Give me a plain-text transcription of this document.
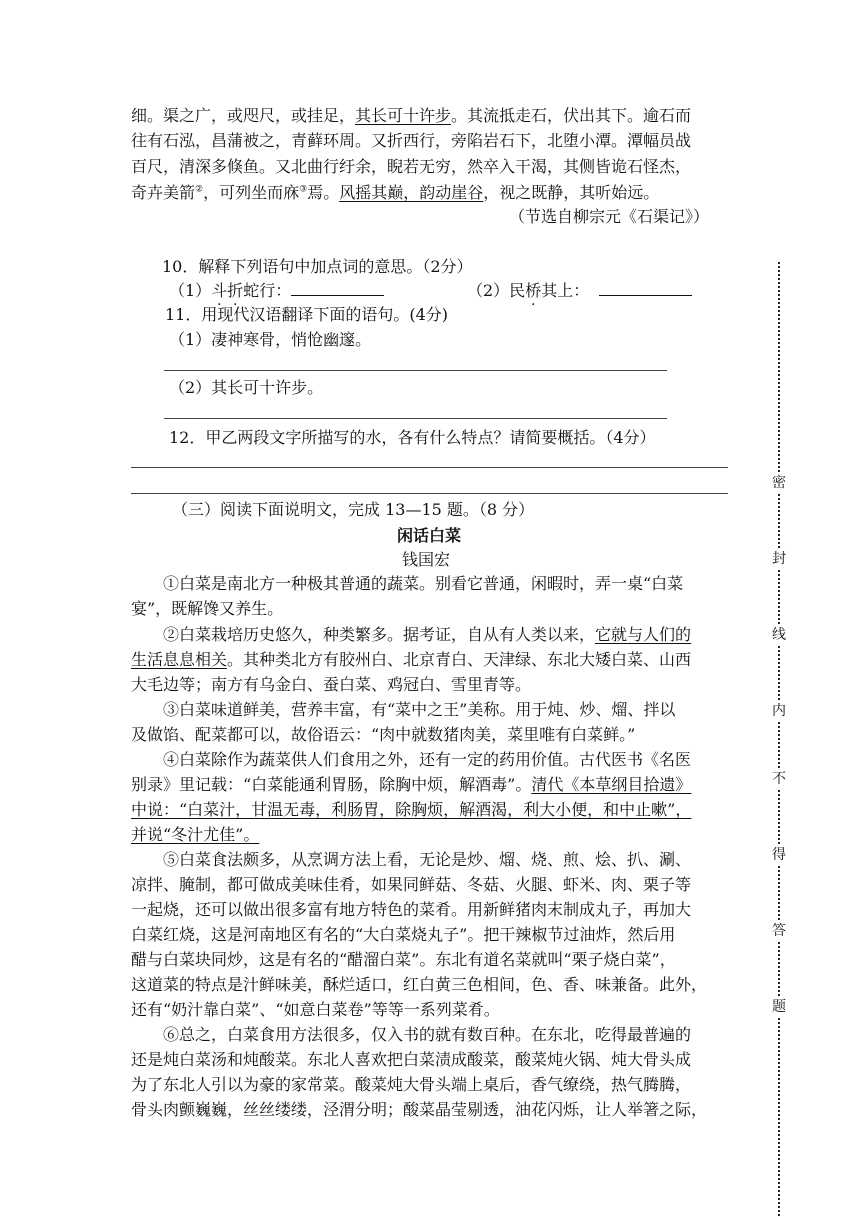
细。渠之广，或咫尺，或挂足，其长可十许步。其流抵走石，伏出其下。逾石而
往有石泓，昌蒲被之，青藓环周。又折西行，旁陷岩石下，北堕小潭。潭幅员战
百尺，清深多倏鱼。又北曲行纡余，睨若无穷，然卒入干渴，其侧皆诡石怪杰，
奇卉美箭②，可列坐而庥③焉。风摇其巅，韵动崖谷，视之既静，其听始远。
（节选自柳宗元《石渠记》）
10．解释下列语句中加点词的意思。（2分）
（1）斗折蛇行：	（2）民桥其上：
11．用现代汉语翻译下面的语句。(4分)
（1）凄神寒骨，悄怆幽邃。
（2）其长可十许步。
12．甲乙两段文字所描写的水，各有什么特点？请简要概括。（4分）
（三）阅读下面说明文，完成 13—15 题。（8 分）
闲话白菜
钱国宏
①白菜是南北方一种极其普通的蔬菜。别看它普通，闲暇时，弄一桌“白菜
宴”，既解馋又养生。
②白菜栽培历史悠久，种类繁多。据考证，自从有人类以来，它就与人们的
生活息息相关。其种类北方有胶州白、北京青白、天津绿、东北大矮白菜、山西
大毛边等；南方有乌金白、蚕白菜、鸡冠白、雪里青等。
③白菜味道鲜美，营养丰富，有“菜中之王”美称。用于炖、炒、熘、拌以
及做馅、配菜都可以，故俗语云：“肉中就数猪肉美，菜里唯有白菜鲜。”
④白菜除作为蔬菜供人们食用之外，还有一定的药用价值。古代医书《名医
别录》里记载：“白菜能通利胃肠，除胸中烦，解酒毒”。清代《本草纲目拾遗》
中说：“白菜汁，甘温无毒，利肠胃，除胸烦，解酒渴，利大小便，和中止嗽”，
并说“冬汁尤佳”。
⑤白菜食法颇多，从烹调方法上看，无论是炒、熘、烧、煎、烩、扒、涮、
凉拌、腌制，都可做成美味佳肴，如果同鲜菇、冬菇、火腿、虾米、肉、栗子等
一起烧，还可以做出很多富有地方特色的菜肴。用新鲜猪肉末制成丸子，再加大
白菜红烧，这是河南地区有名的“大白菜烧丸子”。把干辣椒节过油炸，然后用
醋与白菜块同炒，这是有名的“醋溜白菜”。东北有道名菜就叫“栗子烧白菜”，
这道菜的特点是汁鲜味美，酥烂适口，红白黄三色相间，色、香、味兼备。此外，
还有“奶汁靠白菜”、“如意白菜卷”等等一系列菜肴。
⑥总之，白菜食用方法很多，仅入书的就有数百种。在东北，吃得最普遍的
还是炖白菜汤和炖酸菜。东北人喜欢把白菜渍成酸菜，酸菜炖火锅、炖大骨头成
为了东北人引以为豪的家常菜。酸菜炖大骨头端上桌后，香气缭绕，热气腾腾，
骨头肉颤巍巍，丝丝缕缕，泾渭分明；酸菜晶莹剔透，油花闪烁，让人举箸之际，
密
封
线
内
不
得
答
题
